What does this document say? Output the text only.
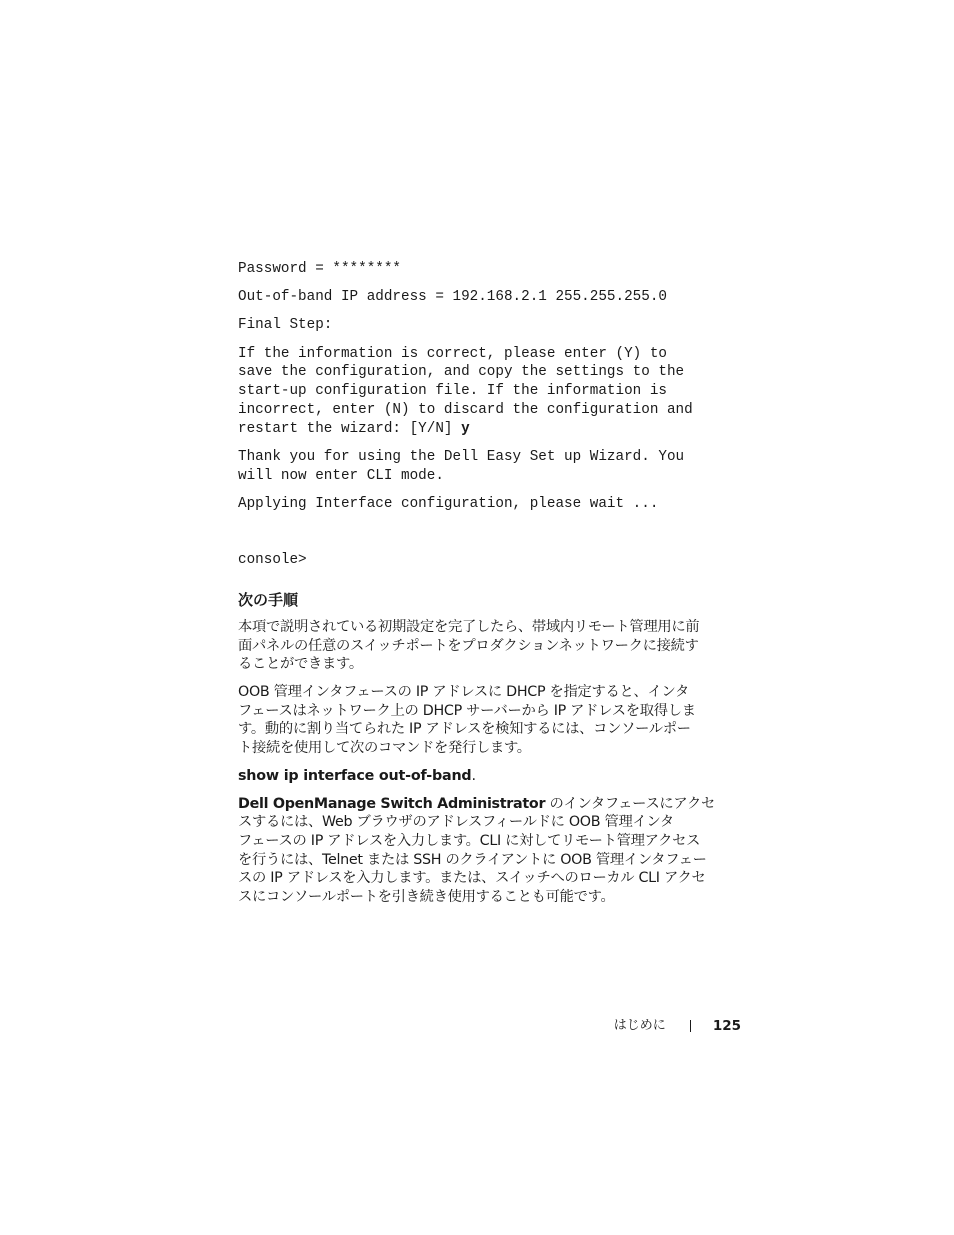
Password = ********
Out-of-band IP address = 192.168.2.1 255.255.255.0
Final Step:
If the information is correct, please enter (Y) to
save the configuration, and copy the settings to the
start-up configuration file. If the information is
incorrect, enter (N) to discard the configuration and
restart the wizard: [Y/N] y
Thank you for using the Dell Easy Set up Wizard. You
will now enter CLI mode.
Applying Interface configuration, please wait ...
console>
次の手順
本項で説明されている初期設定を完了したら、帯域内リモート管理用に前
面パネルの任意のスイッチポートをプロダクションネットワークに接続す
ることができます。
OOB 管理インタフェースの IP アドレスに DHCP を指定すると、インタ
フェースはネットワーク上の DHCP サーバーから IP アドレスを取得しま
す。動的に割り当てられた IP アドレスを検知するには、コンソールポー
ト接続を使用して次のコマンドを発行します。
show ip interface out-of-band.
Dell OpenManage Switch Administrator のインタフェースにアクセ
スするには、Web ブラウザのアドレスフィールドに OOB 管理インタ
フェースの IP アドレスを入力します。CLI に対してリモート管理アクセス
を行うには、Telnet または SSH のクライアントに OOB 管理インタフェー
スの IP アドレスを入力します。または、スイッチへのローカル CLI アクセ
スにコンソールポートを引き続き使用することも可能です。
はじめに	125
